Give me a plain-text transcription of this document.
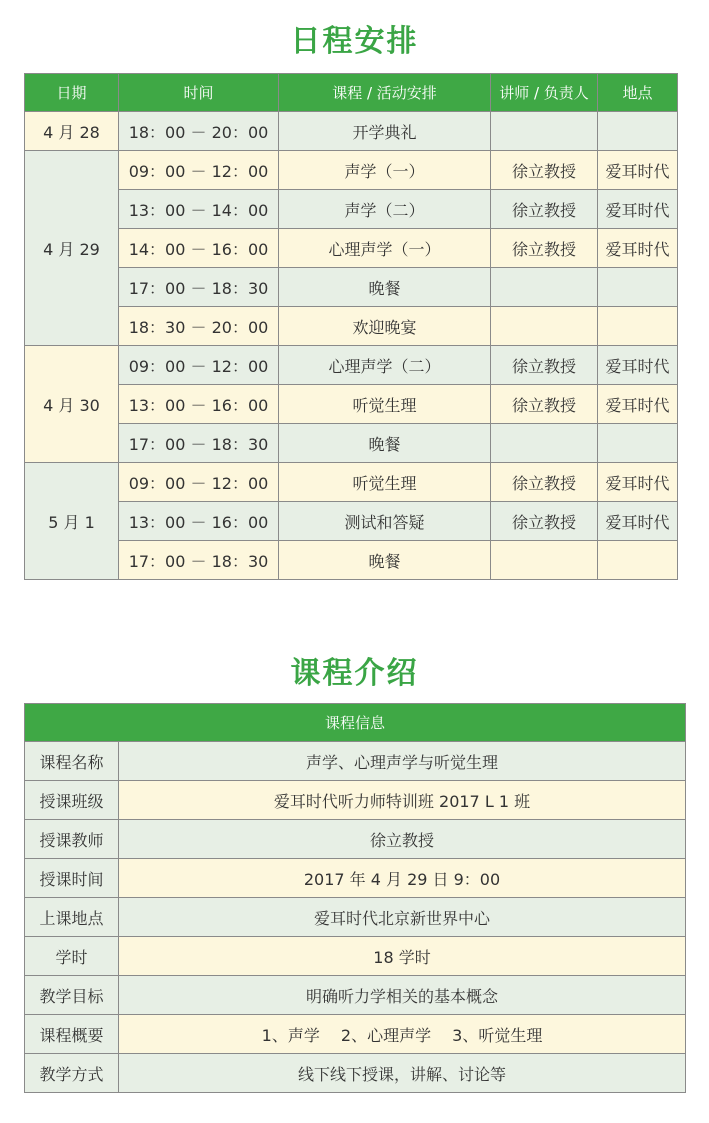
日程安排
日期	时间	课程 / 活动安排	讲师 / 负责人	地点
4 月 28	18：00 － 20：00	开学典礼		
4 月 29	09：00 － 12：00	声学（一）	徐立教授	爱耳时代
	13：00 － 14：00	声学（二）	徐立教授	爱耳时代
	14：00 － 16：00	心理声学（一）	徐立教授	爱耳时代
	17：00 － 18：30	晚餐		
	18：30 － 20：00	欢迎晚宴		
4 月 30	09：00 － 12：00	心理声学（二）	徐立教授	爱耳时代
	13：00 － 16：00	听觉生理	徐立教授	爱耳时代
	17：00 － 18：30	晚餐		
5 月 1	09：00 － 12：00	听觉生理	徐立教授	爱耳时代
	13：00 － 16：00	测试和答疑	徐立教授	爱耳时代
	17：00 － 18：30	晚餐		
课程介绍
课程信息	
课程名称	声学、心理声学与听觉生理
授课班级	爱耳时代听力师特训班 2017 L 1 班
授课教师	徐立教授
授课时间	2017 年 4 月 29 日 9：00
上课地点	爱耳时代北京新世界中心
学时	18 学时
教学目标	明确听力学相关的基本概念
课程概要	1、声学　 2、心理声学　 3、听觉生理
教学方式	线下线下授课，讲解、讨论等
